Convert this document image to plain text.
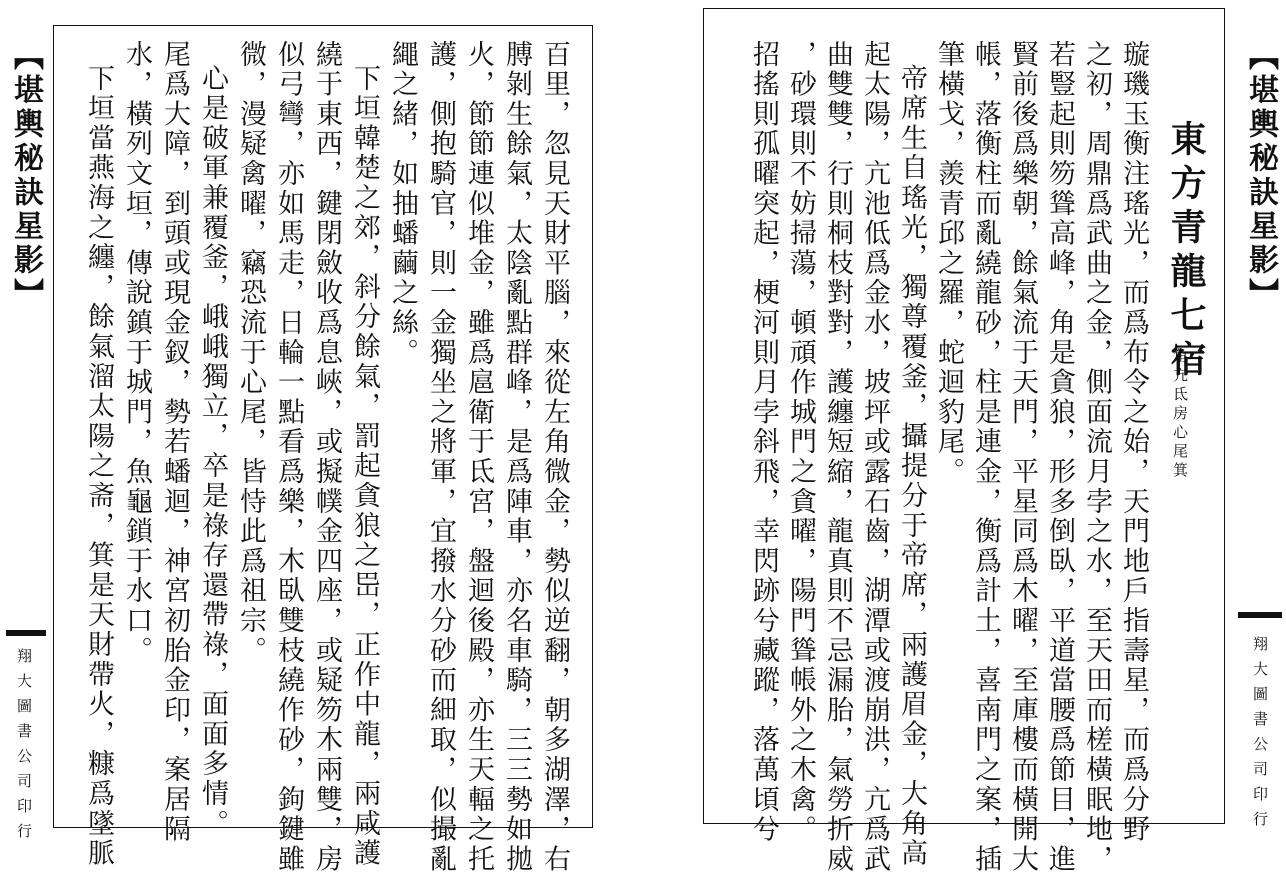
【堪輿秘訣星影】
翔大圖書公司印行	百里，忽見天財平腦，來從左角微金，勢似逆翻，朝多湖澤，右
膊剝生餘氣，太陰亂點群峰，是爲陣車，亦名車騎，三三勢如拋
火，節節連似堆金，雖爲扈衛于氐宮，盤迴後殿，亦生天輻之托
護，側抱騎官，則一金獨坐之將軍，宜撥水分砂而細取，似撮亂
繩之緒，如抽蟠繭之絲。
下垣韓楚之郊，斜分餘氣，罰起貪狼之岊，正作中龍，兩咸護
繞于東西，鍵閉斂收爲息峽，或擬幞金四座，或疑笏木兩雙，房
似弓彎，亦如馬走，日輪一點看爲樂，木臥雙枝繞作砂，鉤鍵雖
微，漫疑禽曜，竊恐流于心尾，皆恃此爲祖宗。
心是破軍兼覆釜，峨峨獨立，卒是祿存還帶祿，面面多情。
尾爲大障，到頭或現金釵，勢若蟠迴，神宮初胎金印，案居隔
水，橫列文垣，傳說鎮于城門，魚龜鎖于水口。
下垣當燕海之纏，餘氣溜太陽之斋，箕是天財帶火，糠爲墜脈	【堪輿秘訣星影】
翔大圖書公司印行
東方青龍七宿
角亢氐房心尾箕
璇璣玉衡注瑤光，而爲布令之始，天門地戶指壽星，而爲分野
之初，周鼎爲武曲之金，側面流月孛之水，至天田而槎橫眠地，
若豎起則笏聳高峰，角是貪狼，形多倒臥，平道當腰爲節目，進
賢前後爲樂朝，餘氣流于天門，平星同爲木曜，至庫樓而橫開大
帳，落衡柱而亂繞龍砂，柱是連金，衡爲計土，喜南門之案，插
筆橫戈，羨青邱之羅，蛇迴豹尾。
帝席生自瑤光，獨尊覆釜，攝提分于帝席，兩護眉金，大角高
起太陽，亢池低爲金水，坡坪或露石齒，湖潭或渡崩洪，亢爲武
曲雙雙，行則桐枝對對，護纏短縮，龍真則不忌漏胎，氣勞折威
，砂環則不妨掃蕩，頓頑作城門之貪曜，陽門聳帳外之木禽。
招搖則孤曜突起，梗河則月孛斜飛，幸閃跡兮藏蹤，落萬頃兮
